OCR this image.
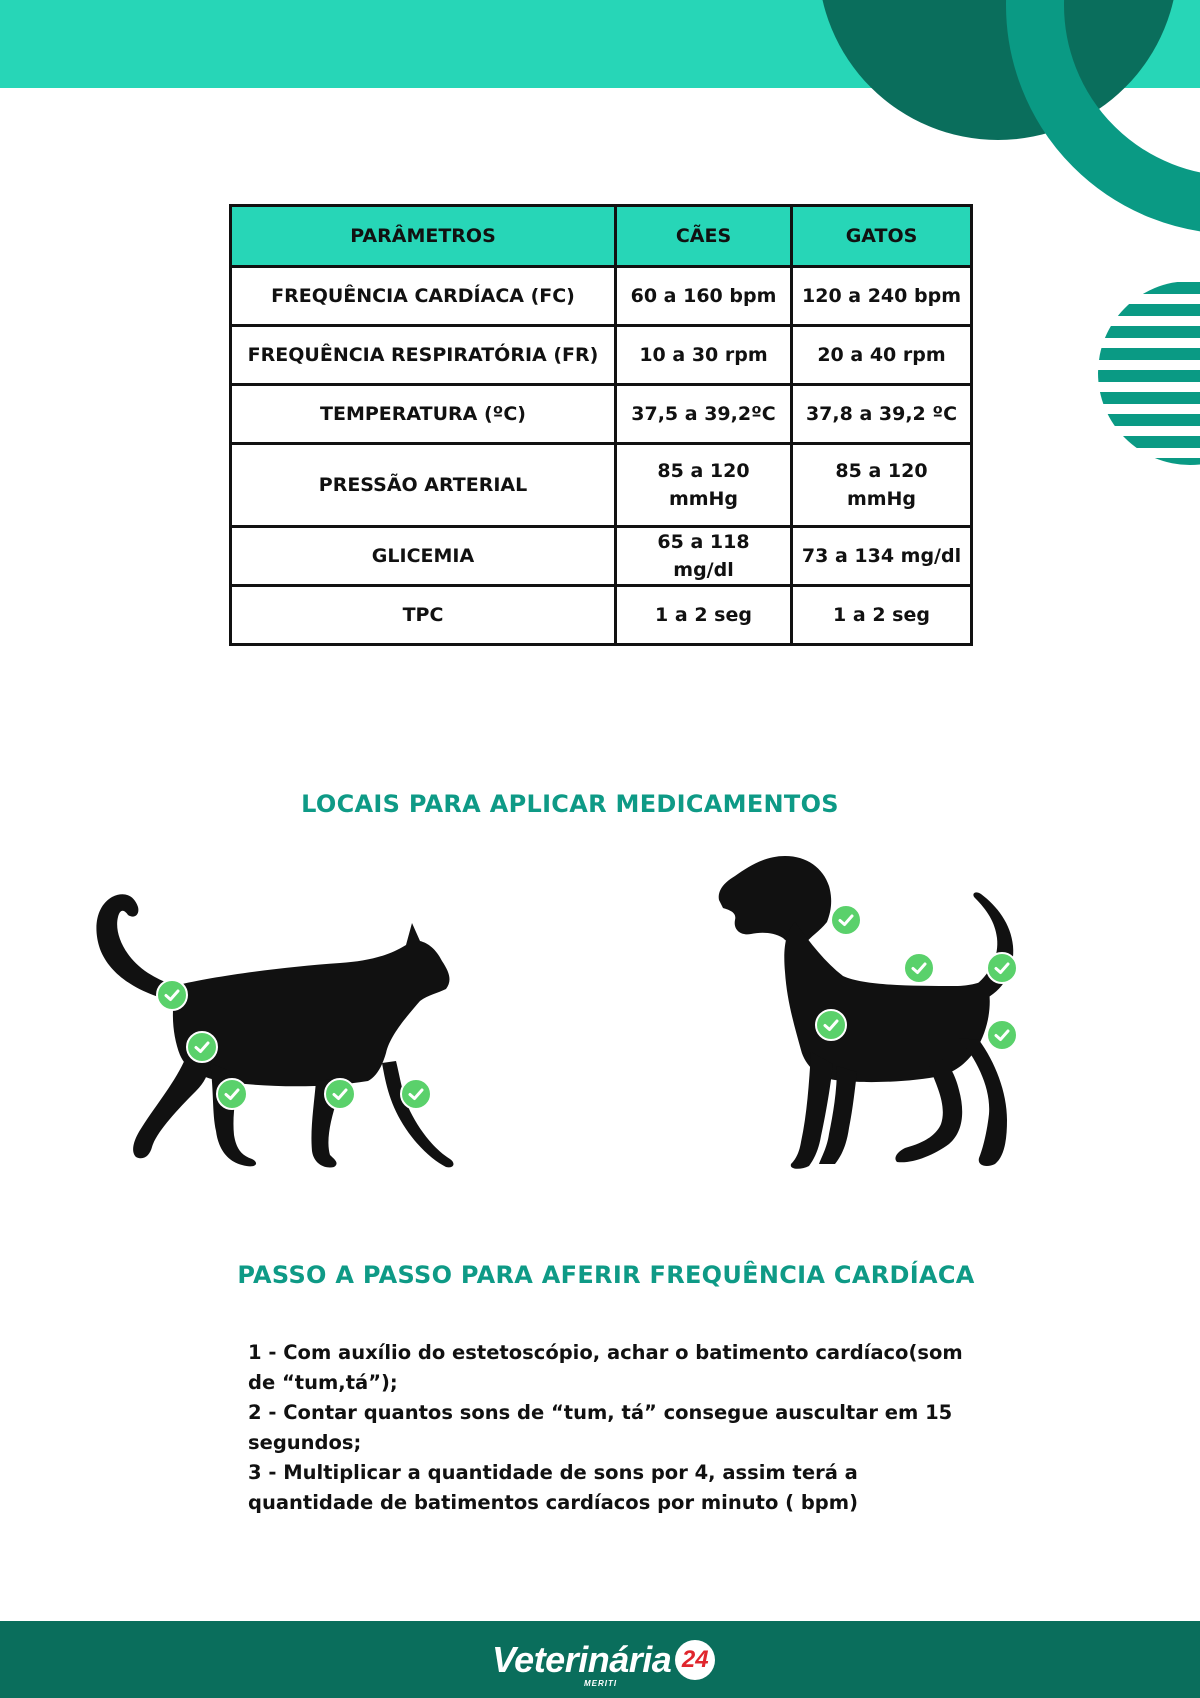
PARÂMETROS	CÃES	GATOS
FREQUÊNCIA CARDÍACA (FC)	60 a 160 bpm	120 a 240 bpm
FREQUÊNCIA RESPIRATÓRIA (FR)	10 a 30 rpm	20 a 40 rpm
TEMPERATURA (ºC)	37,5 a 39,2ºC	37,8 a 39,2 ºC
PRESSÃO ARTERIAL	85 a 120 mmHg	85 a 120 mmHg
GLICEMIA	65 a 118 mg/dl	73 a 134 mg/dl
TPC	1 a 2 seg	1 a 2 seg
LOCAIS PARA APLICAR MEDICAMENTOS
PASSO A PASSO PARA AFERIR FREQUÊNCIA CARDÍACA

1 - Com auxílio do estetoscópio, achar o batimento cardíaco(som de “tum,tá”);

2 - Contar quantos sons de “tum, tá” consegue auscultar em 15 segundos;

3 - Multiplicar a quantidade de sons por 4, assim terá a quantidade de batimentos cardíacos por minuto ( bpm)

Veterinária
MERITI
24
